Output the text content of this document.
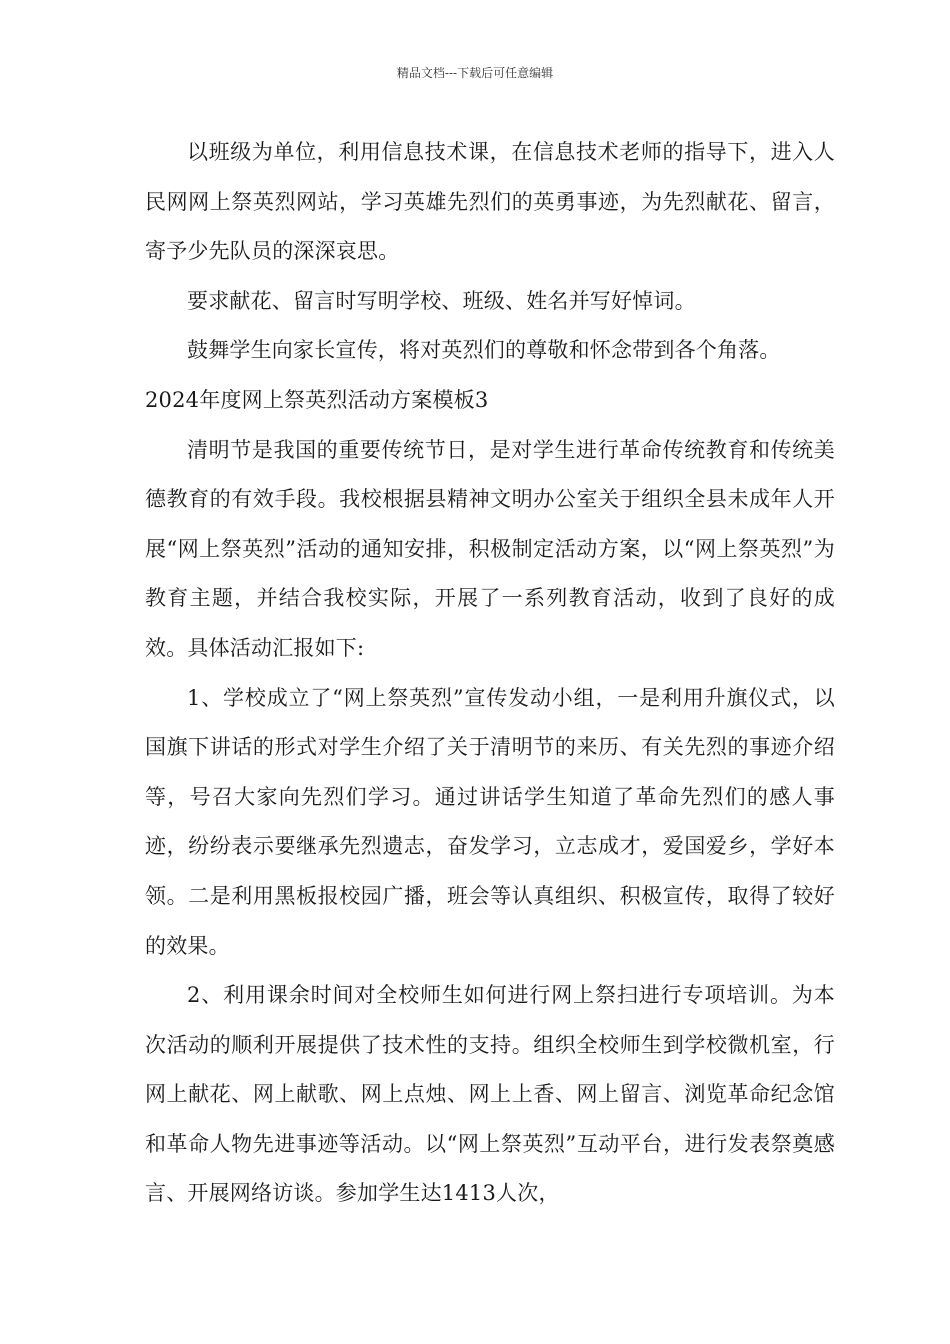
精品文档---下载后可任意编辑

以班级为单位，利用信息技术课，在信息技术老师的指导下，进入人民网网上祭英烈网站，学习英雄先烈们的英勇事迹，为先烈献花、留言，寄予少先队员的深深哀思。

要求献花、留言时写明学校、班级、姓名并写好悼词。

鼓舞学生向家长宣传，将对英烈们的尊敬和怀念带到各个角落。

2024年度网上祭英烈活动方案模板3

清明节是我国的重要传统节日，是对学生进行革命传统教育和传统美德教育的有效手段。我校根据县精神文明办公室关于组织全县未成年人开展“网上祭英烈”活动的通知安排，积极制定活动方案，以“网上祭英烈”为教育主题，并结合我校实际，开展了一系列教育活动，收到了良好的成效。具体活动汇报如下:

1、学校成立了“网上祭英烈”宣传发动小组，一是利用升旗仪式，以国旗下讲话的形式对学生介绍了关于清明节的来历、有关先烈的事迹介绍等，号召大家向先烈们学习。通过讲话学生知道了革命先烈们的感人事迹，纷纷表示要继承先烈遗志，奋发学习，立志成才，爱国爱乡，学好本领。二是利用黑板报校园广播，班会等认真组织、积极宣传，取得了较好的效果。

2、利用课余时间对全校师生如何进行网上祭扫进行专项培训。为本次活动的顺利开展提供了技术性的支持。组织全校师生到学校微机室，行网上献花、网上献歌、网上点烛、网上上香、网上留言、浏览革命纪念馆和革命人物先进事迹等活动。以“网上祭英烈”互动平台，进行发表祭奠感言、开展网络访谈。参加学生达1413人次，
